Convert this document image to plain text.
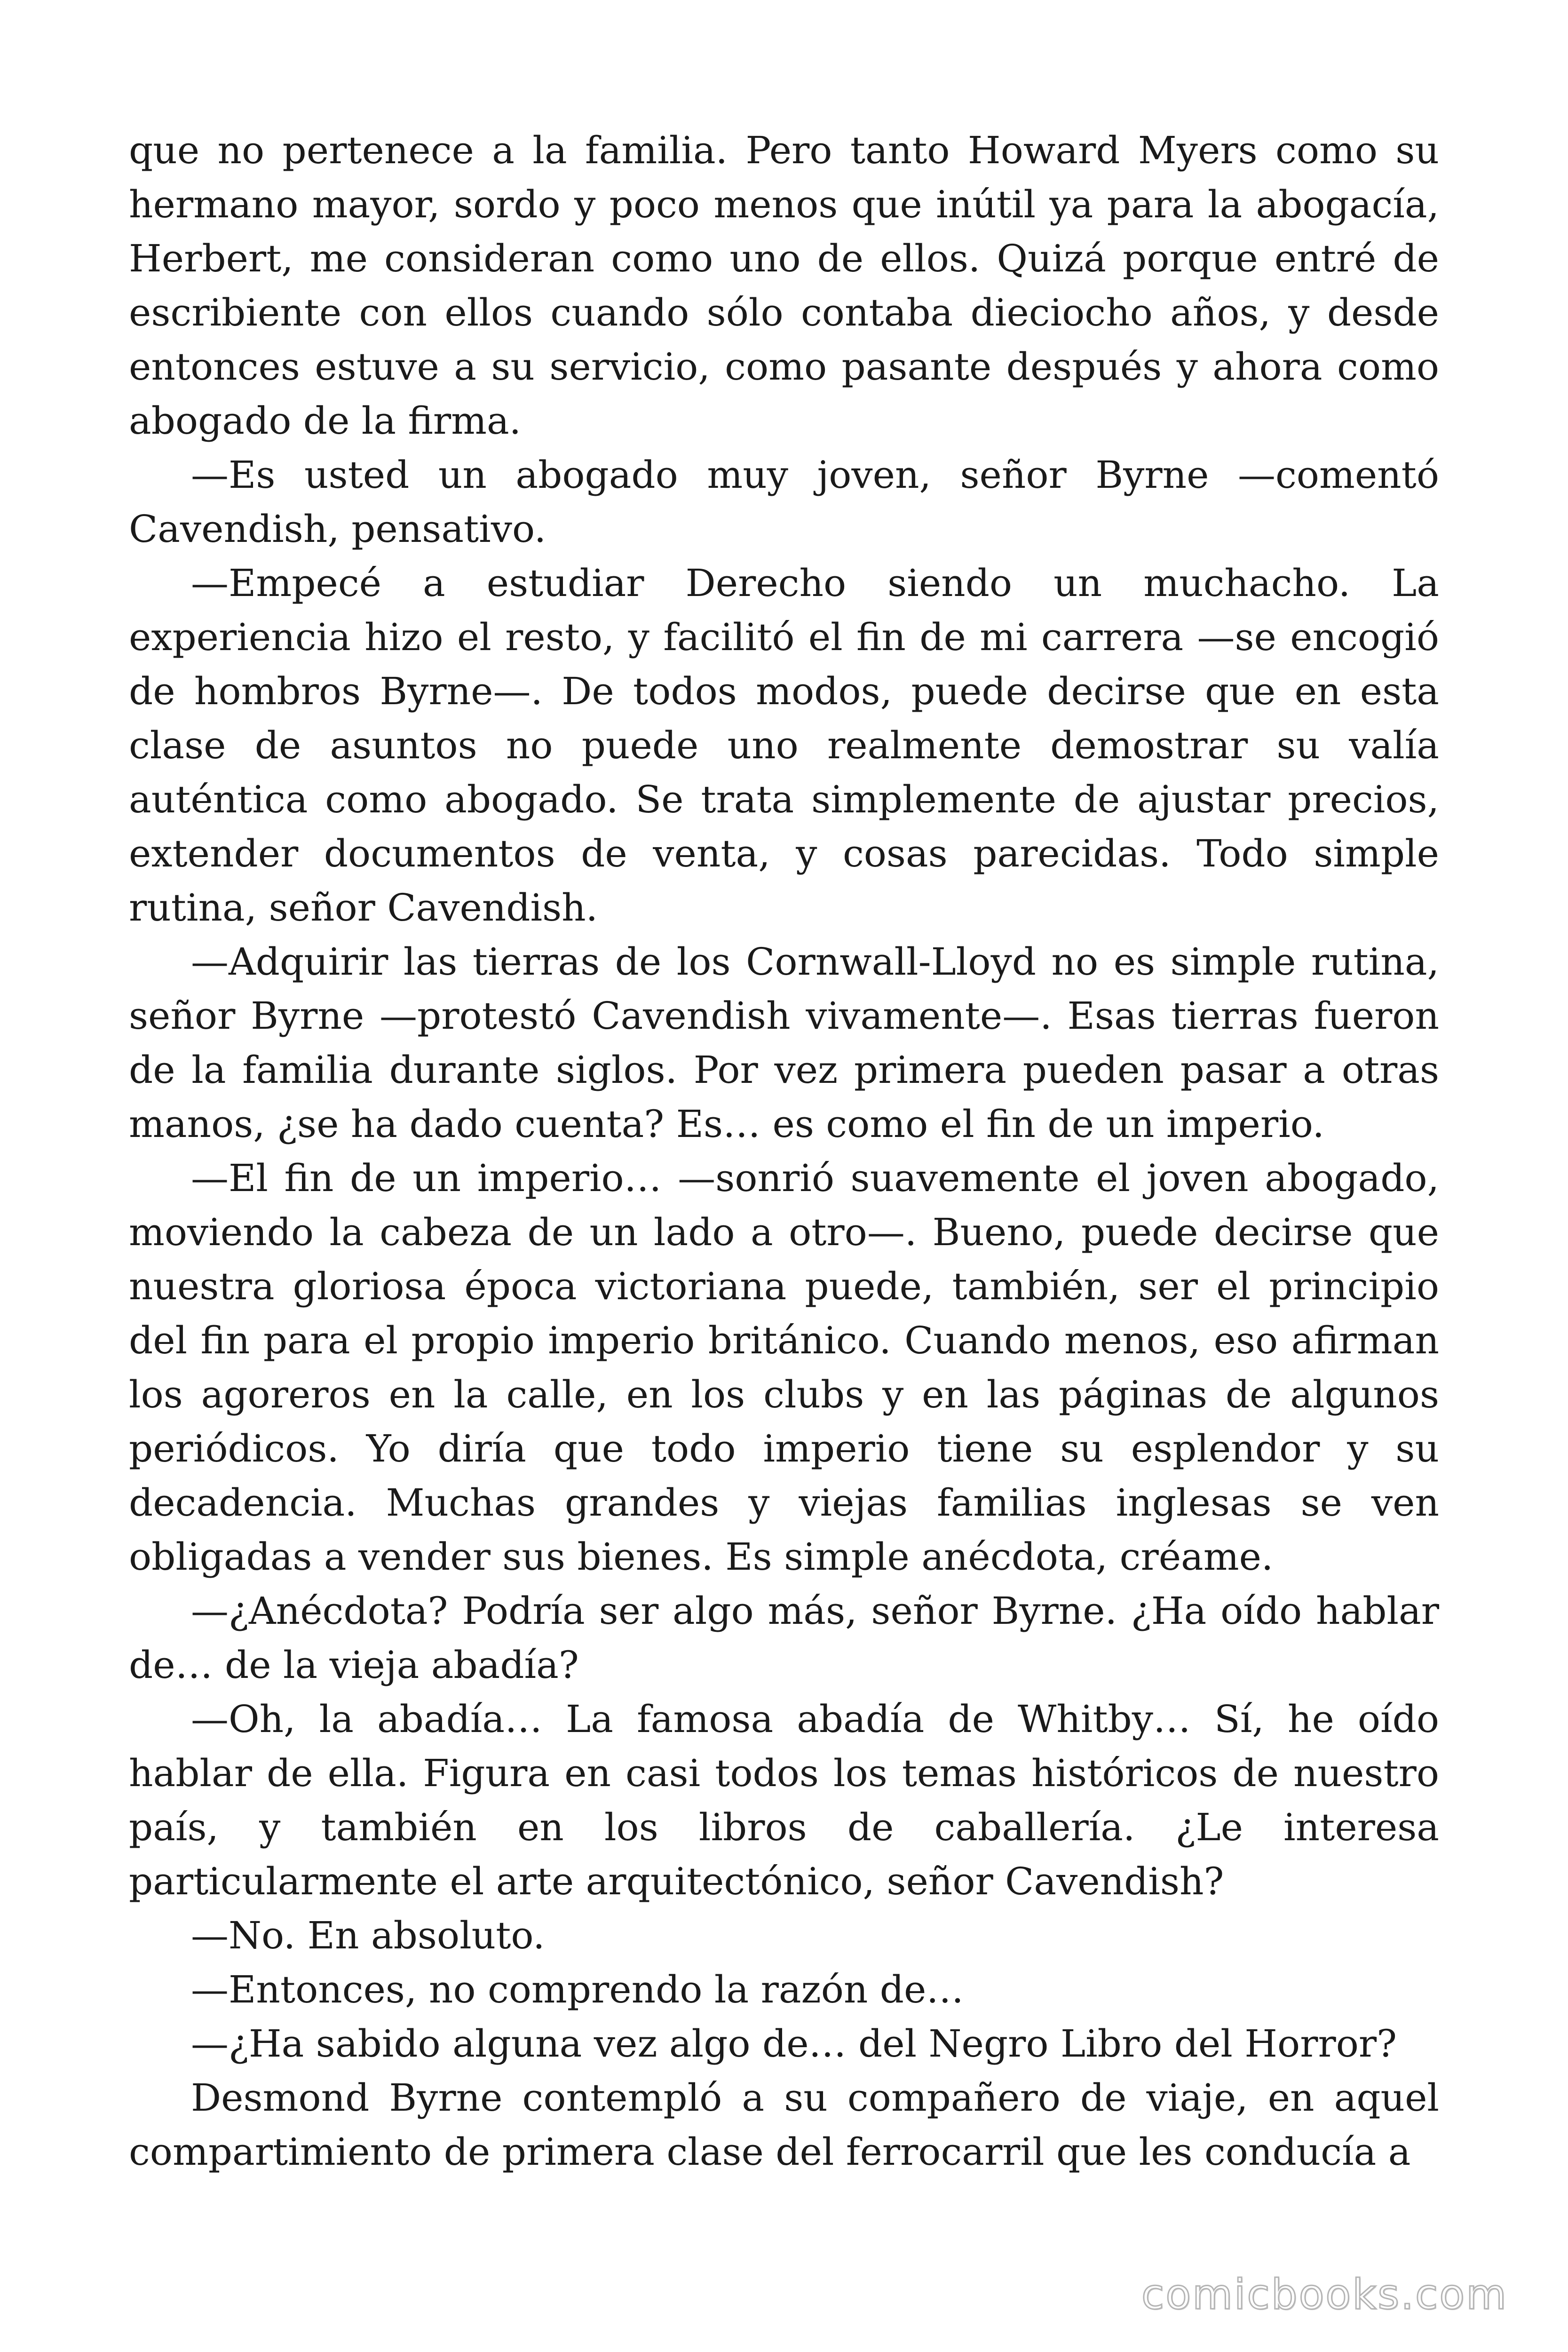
que no pertenece a la familia. Pero tanto Howard Myers como su hermano mayor, sordo y poco menos que inútil ya para la abogacía, Herbert, me consideran como uno de ellos. Quizá porque entré de escribiente con ellos cuando sólo contaba dieciocho años, y desde entonces estuve a su servicio, como pasante después y ahora como abogado de la firma.

—Es usted un abogado muy joven, señor Byrne —comentó Cavendish, pensativo.

—Empecé a estudiar Derecho siendo un muchacho. La experiencia hizo el resto, y facilitó el fin de mi carrera —se encogió de hombros Byrne—. De todos modos, puede decirse que en esta clase de asuntos no puede uno realmente demostrar su valía auténtica como abogado. Se trata simplemente de ajustar precios, extender documentos de venta, y cosas parecidas. Todo simple rutina, señor Cavendish.

—Adquirir las tierras de los Cornwall-Lloyd no es simple rutina, señor Byrne —protestó Cavendish vivamente—. Esas tierras fueron de la familia durante siglos. Por vez primera pueden pasar a otras manos, ¿se ha dado cuenta? Es… es como el fin de un imperio.

—El fin de un imperio… —sonrió suavemente el joven abogado, moviendo la cabeza de un lado a otro—. Bueno, puede decirse que nuestra gloriosa época victoriana puede, también, ser el principio del fin para el propio imperio británico. Cuando menos, eso afirman los agoreros en la calle, en los clubs y en las páginas de algunos periódicos. Yo diría que todo imperio tiene su esplendor y su decadencia. Muchas grandes y viejas familias inglesas se ven obligadas a vender sus bienes. Es simple anécdota, créame.

—¿Anécdota? Podría ser algo más, señor Byrne. ¿Ha oído hablar de… de la vieja abadía?

—Oh, la abadía… La famosa abadía de Whitby… Sí, he oído hablar de ella. Figura en casi todos los temas históricos de nuestro país, y también en los libros de caballería. ¿Le interesa particularmente el arte arquitectónico, señor Cavendish?

—No. En absoluto.

—Entonces, no comprendo la razón de…

—¿Ha sabido alguna vez algo de… del Negro Libro del Horror?

Desmond Byrne contempló a su compañero de viaje, en aquel compartimiento de primera clase del ferrocarril que les conducía a

comicbooks.com
